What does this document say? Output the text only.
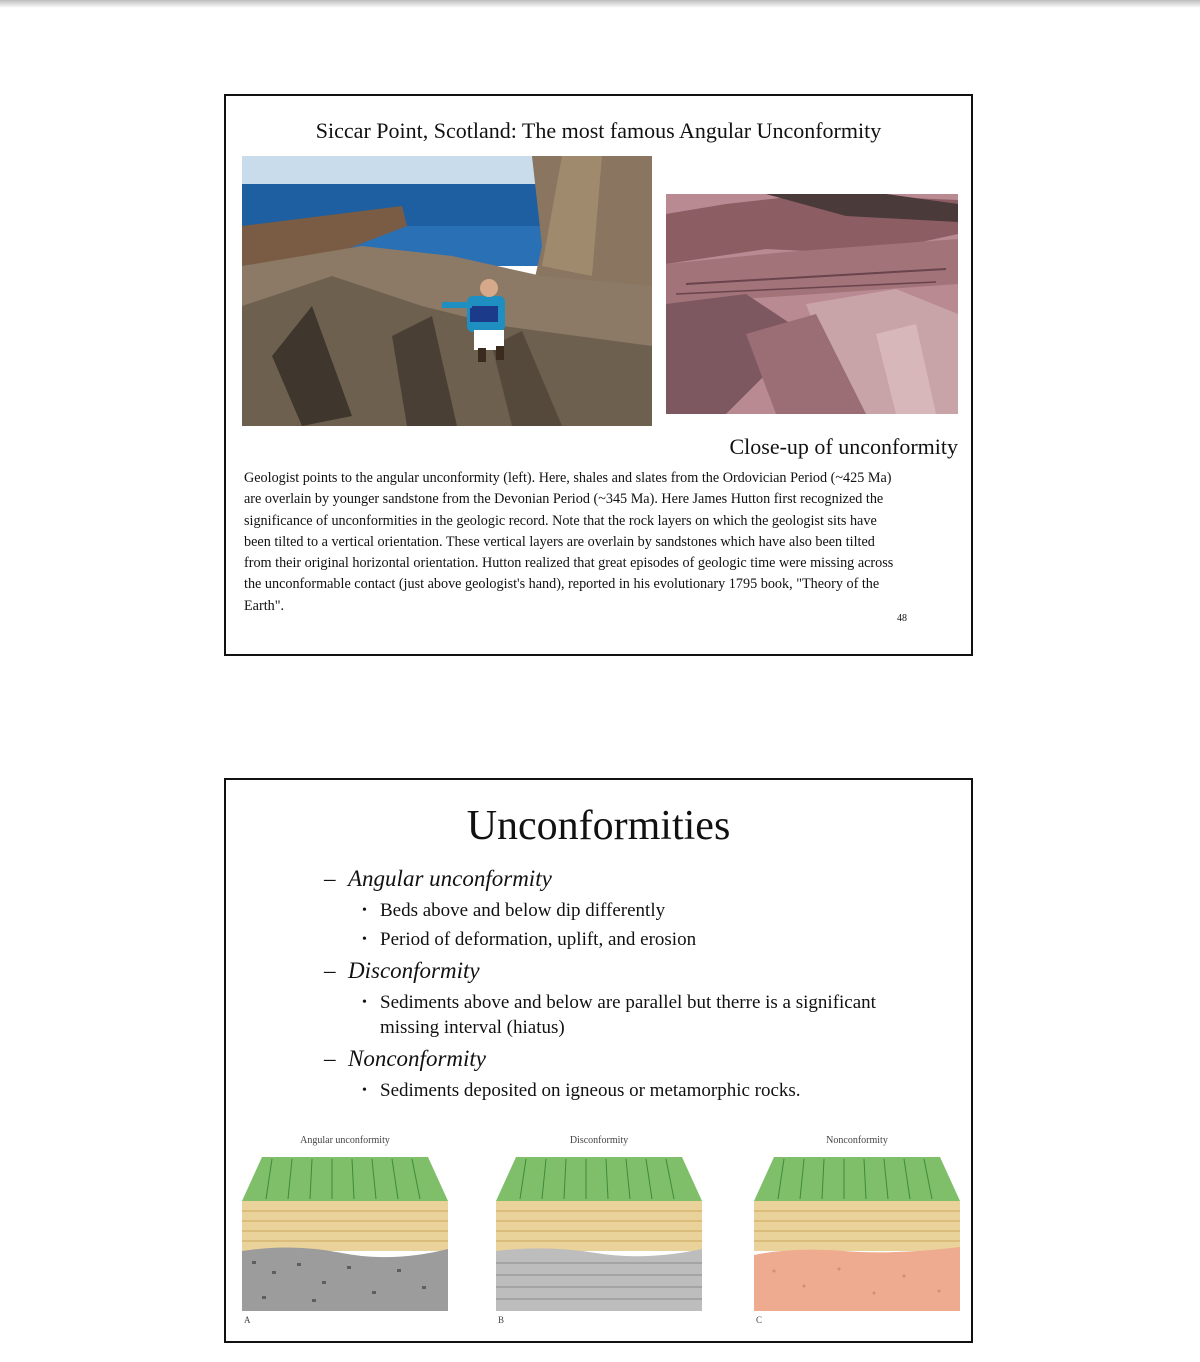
Siccar Point, Scotland: The most famous Angular Unconformity
Close-up of unconformity
Geologist points to the angular unconformity (left). Here, shales and slates from the Ordovician Period (~425 Ma) are overlain by younger sandstone from the Devonian Period (~345 Ma). Here James Hutton first recognized the significance of unconformities in the geologic record. Note that the rock layers on which the geologist sits have been tilted to a vertical orientation. These vertical layers are overlain by sandstones which have also been tilted from their original horizontal orientation. Hutton realized that great episodes of geologic time were missing across the unconformable contact (just above geologist's hand), reported in his evolutionary 1795 book, "Theory of the Earth".
48
Unconformities
– Angular unconformity
• Beds above and below dip differently
• Period of deformation, uplift, and erosion
– Disconformity
• Sediments above and below are parallel but therre is a significant missing interval (hiatus)
– Nonconformity
• Sediments deposited on igneous or metamorphic rocks.
Angular unconformity
A
Disconformity
B
Nonconformity
C
